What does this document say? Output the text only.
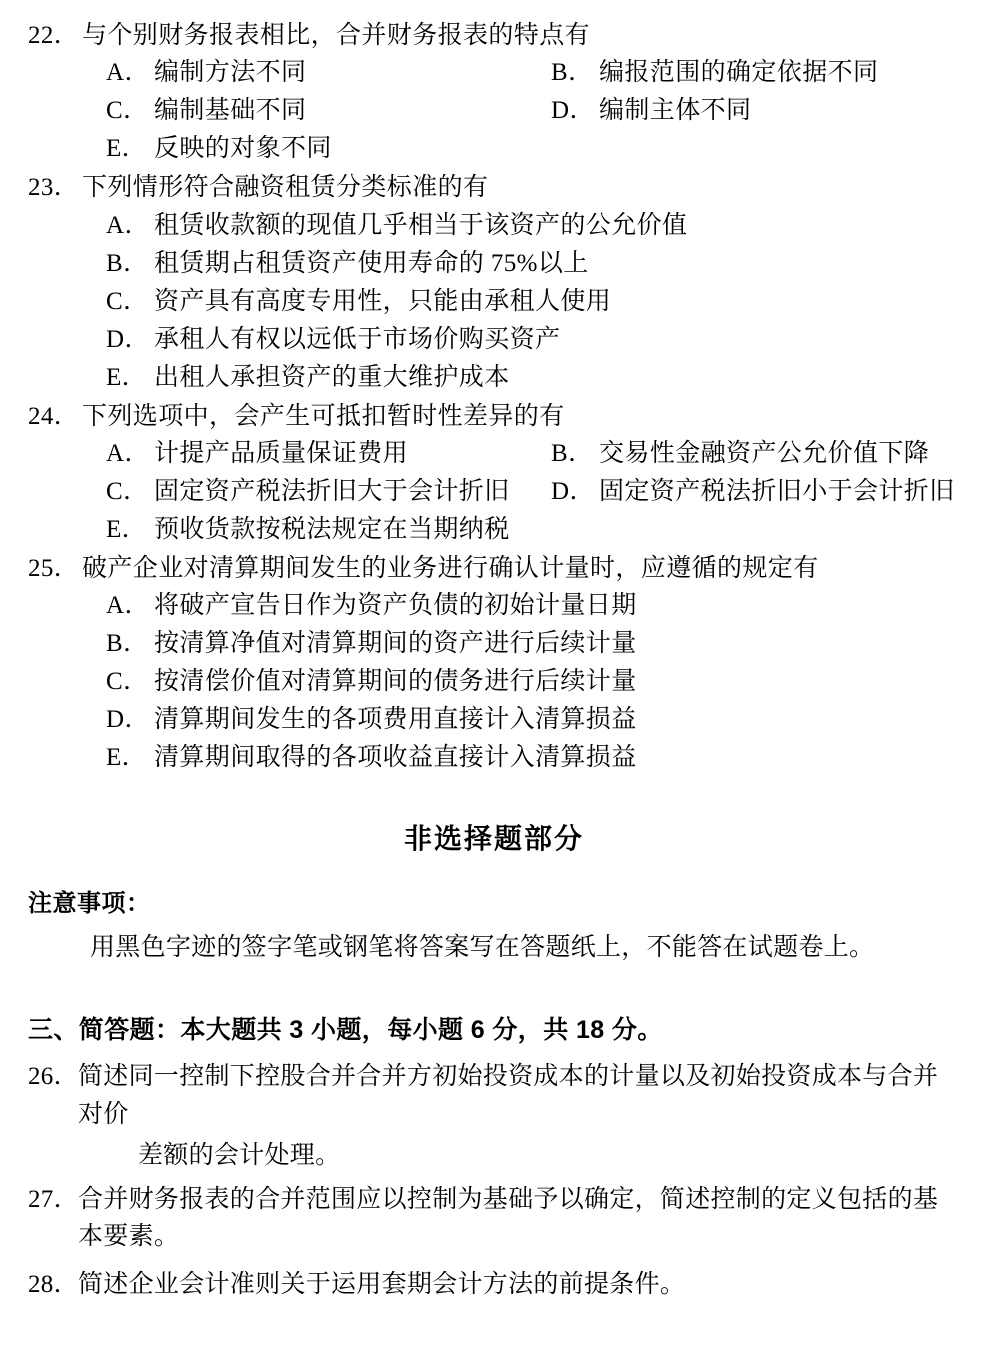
22． 与个别财务报表相比，合并财务报表的特点有
A． 编制方法不同	B． 编报范围的确定依据不同
C． 编制基础不同	D． 编制主体不同
E． 反映的对象不同
23． 下列情形符合融资租赁分类标准的有
A． 租赁收款额的现值几乎相当于该资产的公允价值
B． 租赁期占租赁资产使用寿命的 75%以上
C． 资产具有高度专用性，只能由承租人使用
D． 承租人有权以远低于市场价购买资产
E． 出租人承担资产的重大维护成本
24． 下列选项中，会产生可抵扣暂时性差异的有
A． 计提产品质量保证费用	B． 交易性金融资产公允价值下降
C． 固定资产税法折旧大于会计折旧	D． 固定资产税法折旧小于会计折旧
E． 预收货款按税法规定在当期纳税
25． 破产企业对清算期间发生的业务进行确认计量时，应遵循的规定有
A． 将破产宣告日作为资产负债的初始计量日期
B． 按清算净值对清算期间的资产进行后续计量
C． 按清偿价值对清算期间的债务进行后续计量
D． 清算期间发生的各项费用直接计入清算损益
E． 清算期间取得的各项收益直接计入清算损益
非选择题部分
注意事项：
用黑色字迹的签字笔或钢笔将答案写在答题纸上，不能答在试题卷上。
三、简答题：本大题共 3 小题，每小题 6 分，共 18 分。
26． 简述同一控制下控股合并合并方初始投资成本的计量以及初始投资成本与合并对价
差额的会计处理。
27． 合并财务报表的合并范围应以控制为基础予以确定，简述控制的定义包括的基本要素。
28． 简述企业会计准则关于运用套期会计方法的前提条件。
